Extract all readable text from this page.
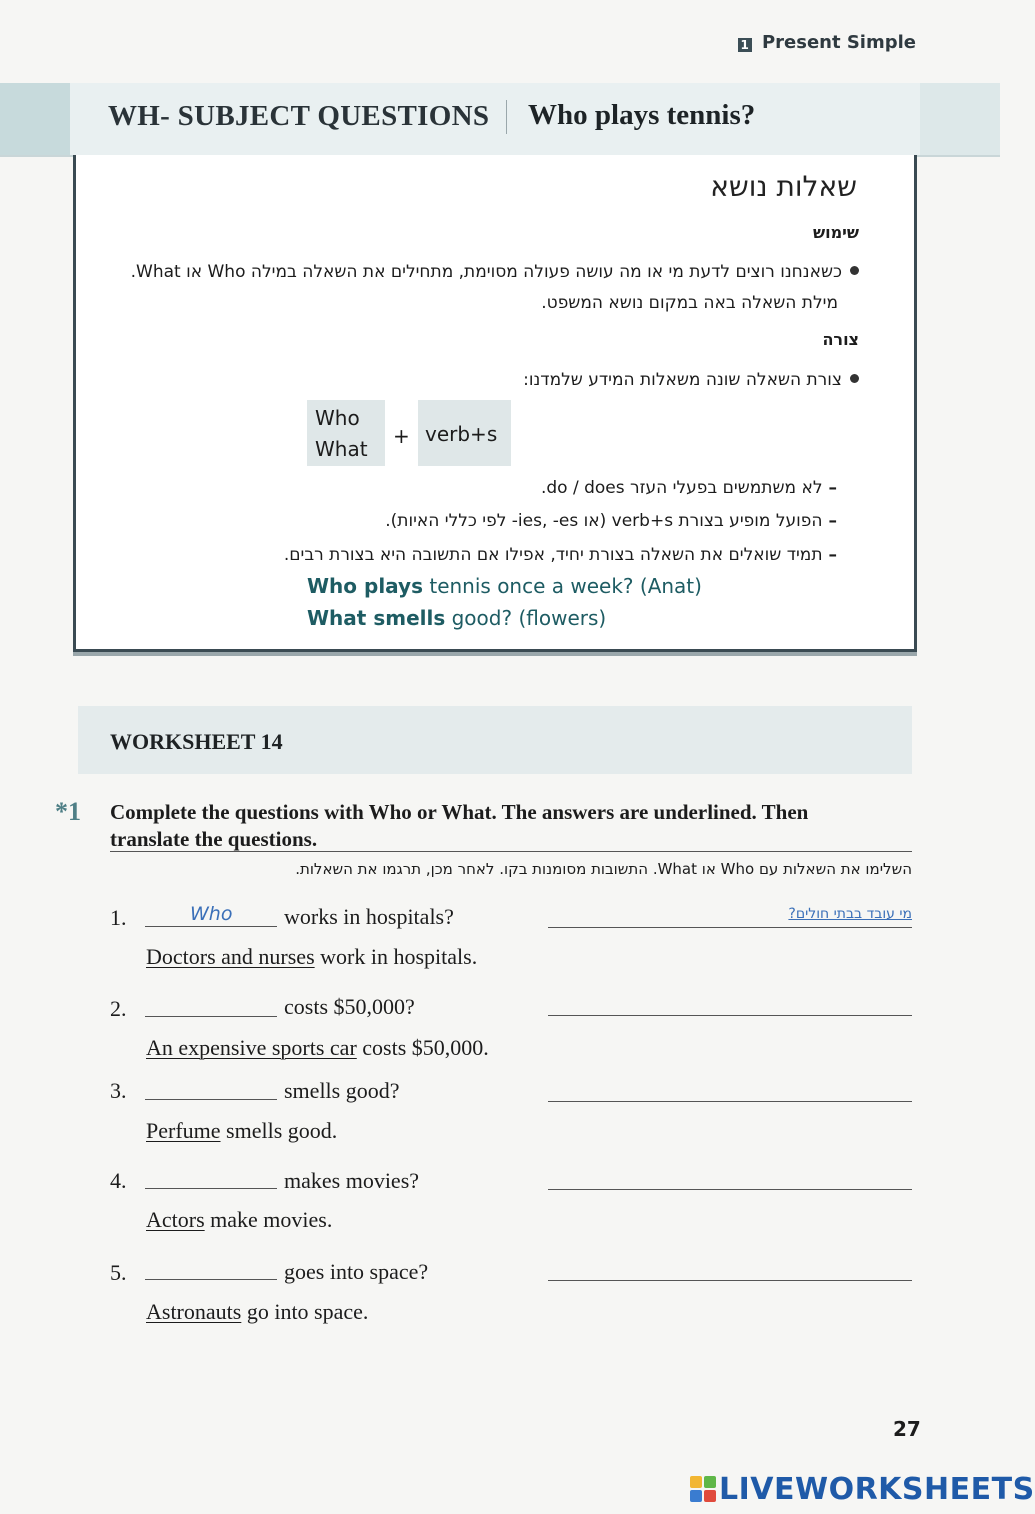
1 Present Simple
WH- SUBJECT QUESTIONS Who plays tennis?
שאלות נושא
שימוש
כשאנחנו רוצים לדעת מי או מה עושה פעולה מסוימת, מתחילים את השאלה במילה Who או What.
מילת השאלה באה במקום נושא המשפט.
צורה
צורת השאלה שונה משאלות המידע שלמדנו:
Who
What
+ verb+s
–לא משתמשים בפעלי העזר do / does.
–הפועל מופיע בצורת verb+s (או ies, -es- לפי כללי האיות).
–תמיד שואלים את השאלה בצורת יחיד, אפילו אם התשובה היא בצורת רבים.
Who plays tennis once a week? (Anat)
What smells good? (flowers)
WORKSHEET 14
*1 Complete the questions with Who or What. The answers are underlined. Then
translate the questions.
השלימו את השאלות עם Who או What. התשובות מסומנות בקו. לאחר מכן, תרגמו את השאלות.
1.	Who works in hospitals?	מי עובד בבתי חולים?
Doctors and nurses work in hospitals.
2.	costs $50,000?
An expensive sports car costs $50,000.
3.	smells good?
Perfume smells good.
4.	makes movies?
Actors make movies.
5.	goes into space?
Astronauts go into space.
27
LIVEWORKSHEETS
